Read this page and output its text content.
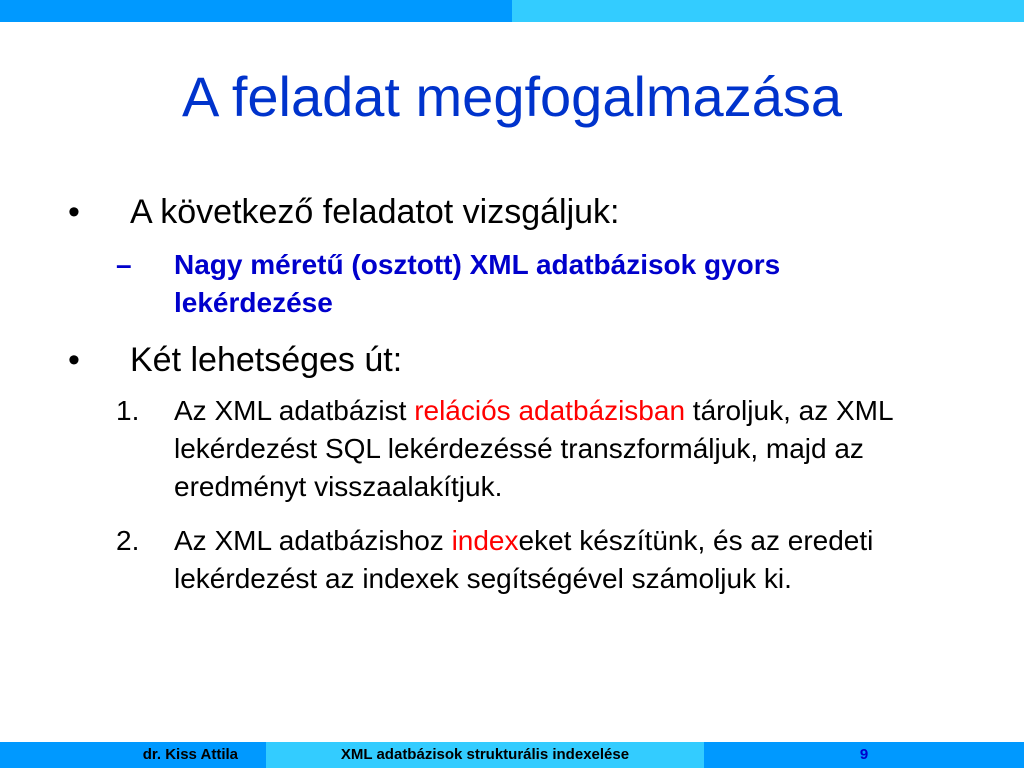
A feladat megfogalmazása
• A következő feladatot vizsgáljuk:
– Nagy méretű (osztott) XML adatbázisok gyors lekérdezése
• Két lehetséges út:
1. Az XML adatbázist relációs adatbázisban tároljuk, az XML lekérdezést SQL lekérdezéssé transzformáljuk, majd az eredményt visszaalakítjuk.
2. Az XML adatbázishoz indexeket készítünk, és az eredeti lekérdezést az indexek segítségével számoljuk ki.
dr. Kiss Attila	XML adatbázisok strukturális indexelése	9
